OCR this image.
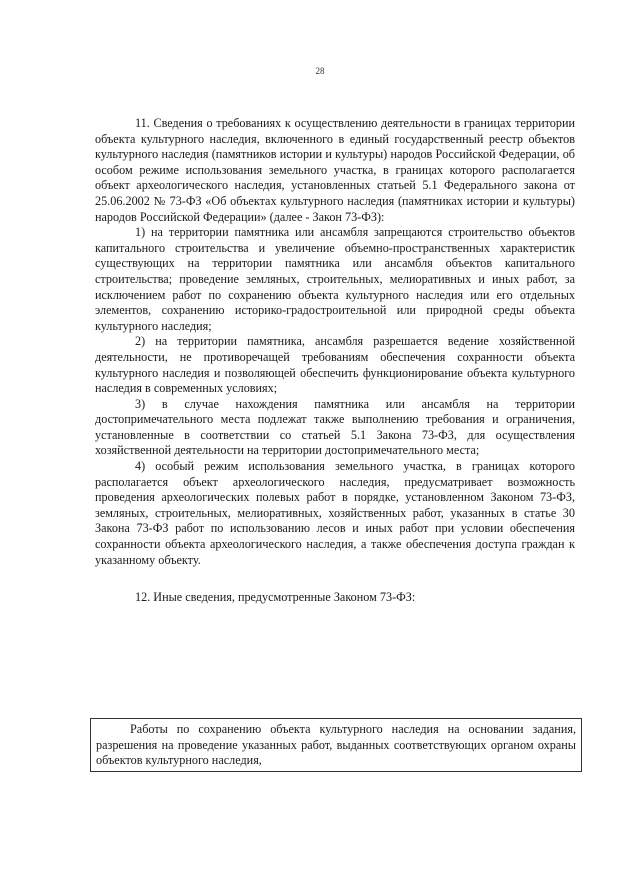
28

11. Сведения о требованиях к осуществлению деятельности в границах территории объекта культурного наследия, включенного в единый государственный реестр объектов культурного наследия (памятников истории и культуры) народов Российской Федерации, об особом режиме использования земельного участка, в границах которого располагается объект археологического наследия, установленных статьей 5.1 Федерального закона от 25.06.2002 № 73-ФЗ «Об объектах культурного наследия (памятниках истории и культуры) народов Российской Федерации» (далее - Закон 73-ФЗ):

1) на территории памятника или ансамбля запрещаются строительство объектов капитального строительства и увеличение объемно-пространственных характеристик существующих на территории памятника или ансамбля объектов капитального строительства; проведение земляных, строительных, мелиоративных и иных работ, за исключением работ по сохранению объекта культурного наследия или его отдельных элементов, сохранению историко-градостроительной или природной среды объекта культурного наследия;

2) на территории памятника, ансамбля разрешается ведение хозяйственной деятельности, не противоречащей требованиям обеспечения сохранности объекта культурного наследия и позволяющей обеспечить функционирование объекта культурного наследия в современных условиях;

3) в случае нахождения памятника или ансамбля на территории достопримечательного места подлежат также выполнению требования и ограничения, установленные в соответствии со статьей 5.1 Закона 73-ФЗ, для осуществления хозяйственной деятельности на территории достопримечательного места;

4) особый режим использования земельного участка, в границах которого располагается объект археологического наследия, предусматривает возможность проведения археологических полевых работ в порядке, установленном Законом 73-ФЗ, земляных, строительных, мелиоративных, хозяйственных работ, указанных в статье 30 Закона 73-ФЗ работ по использованию лесов и иных работ при условии обеспечения сохранности объекта археологического наследия, а также обеспечения доступа граждан к указанному объекту.

12. Иные сведения, предусмотренные Законом 73-ФЗ:

Работы по сохранению объекта культурного наследия на основании задания, разрешения на проведение указанных работ, выданных соответствующих органом охраны объектов культурного наследия,
